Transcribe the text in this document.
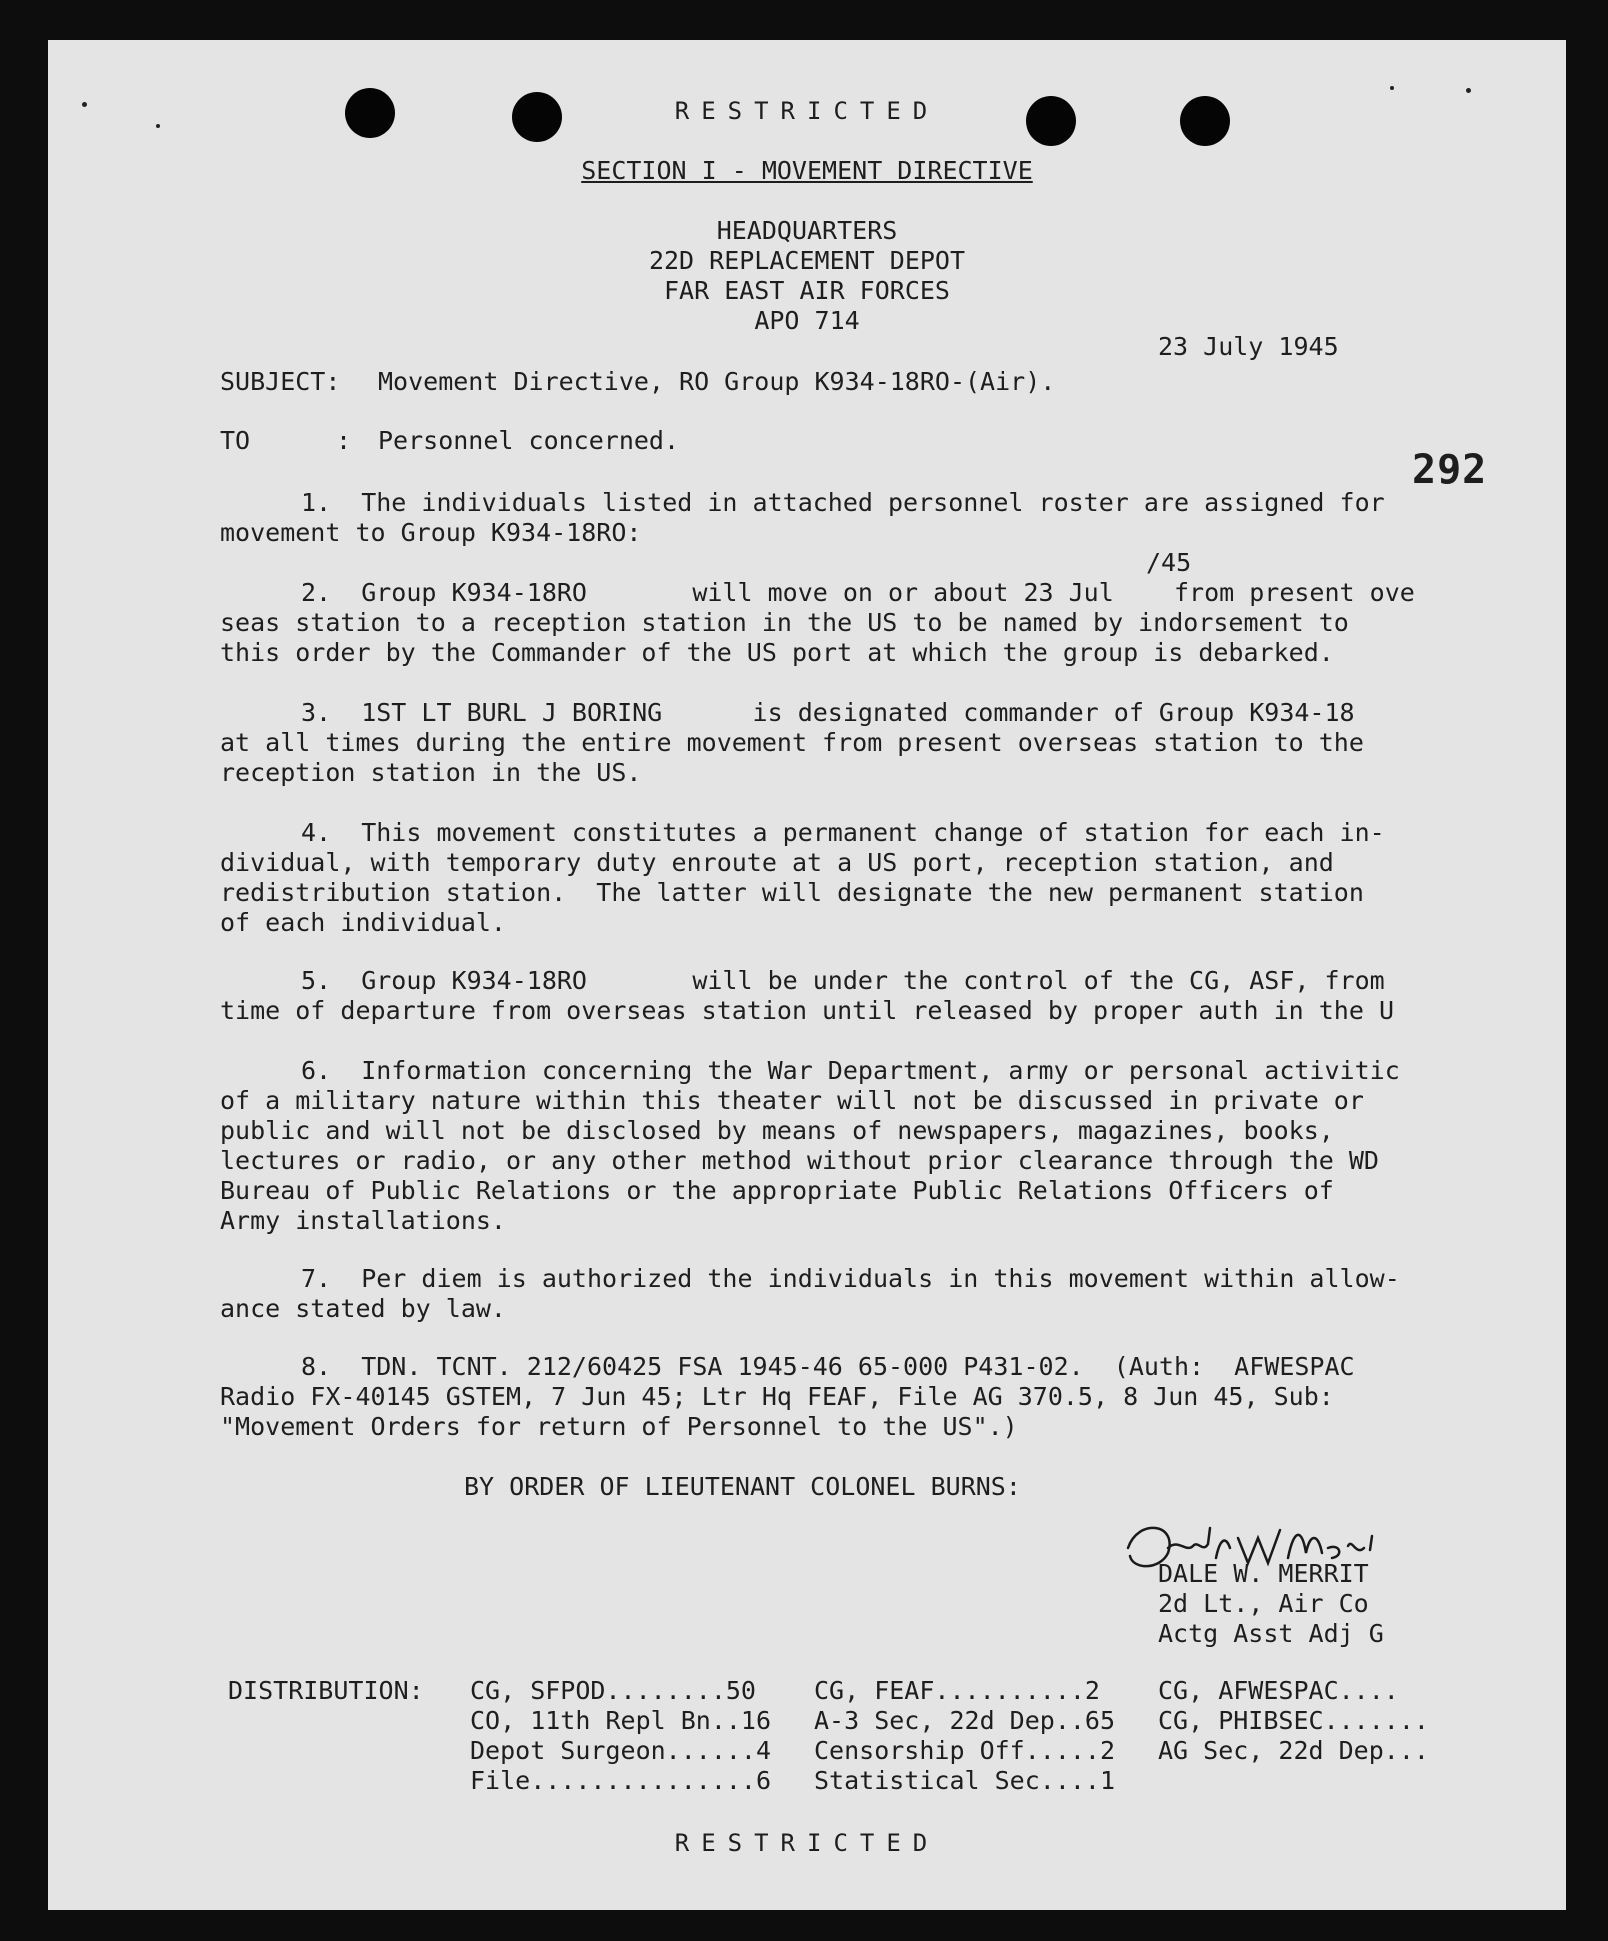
RESTRICTED
SECTION I - MOVEMENT DIRECTIVE
HEADQUARTERS
22D REPLACEMENT DEPOT
FAR EAST AIR FORCES
APO 714
23 July 1945
SUBJECT: Movement Directive, RO Group K934-18RO-(Air).
TO	: Personnel concerned.
292
1.  The individuals listed in attached personnel roster are assigned for
movement to Group K934-18RO:
/45
2.  Group K934-18RO       will move on or about 23 Jul    from present ove
seas station to a reception station in the US to be named by indorsement to
this order by the Commander of the US port at which the group is debarked.
3.  1ST LT BURL J BORING      is designated commander of Group K934-18
at all times during the entire movement from present overseas station to the
reception station in the US.
4.  This movement constitutes a permanent change of station for each in-
dividual, with temporary duty enroute at a US port, reception station, and
redistribution station.  The latter will designate the new permanent station
of each individual.
5.  Group K934-18RO       will be under the control of the CG, ASF, from
time of departure from overseas station until released by proper auth in the U
6.  Information concerning the War Department, army or personal activitic
of a military nature within this theater will not be discussed in private or
public and will not be disclosed by means of newspapers, magazines, books,
lectures or radio, or any other method without prior clearance through the WD
Bureau of Public Relations or the appropriate Public Relations Officers of
Army installations.
7.  Per diem is authorized the individuals in this movement within allow-
ance stated by law.
8.  TDN. TCNT. 212/60425 FSA 1945-46 65-000 P431-02.  (Auth:  AFWESPAC
Radio FX-40145 GSTEM, 7 Jun 45; Ltr Hq FEAF, File AG 370.5, 8 Jun 45, Sub:
"Movement Orders for return of Personnel to the US".)
BY ORDER OF LIEUTENANT COLONEL BURNS:
DALE W. MERRIT
2d Lt., Air Co
Actg Asst Adj G
DISTRIBUTION: CG, SFPOD........50
CO, 11th Repl Bn..16
Depot Surgeon......4
File...............6
CG, FEAF..........2
A-3 Sec, 22d Dep..65
Censorship Off.....2
Statistical Sec....1
CG, AFWESPAC....
CG, PHIBSEC.......
AG Sec, 22d Dep...
RESTRICTED
